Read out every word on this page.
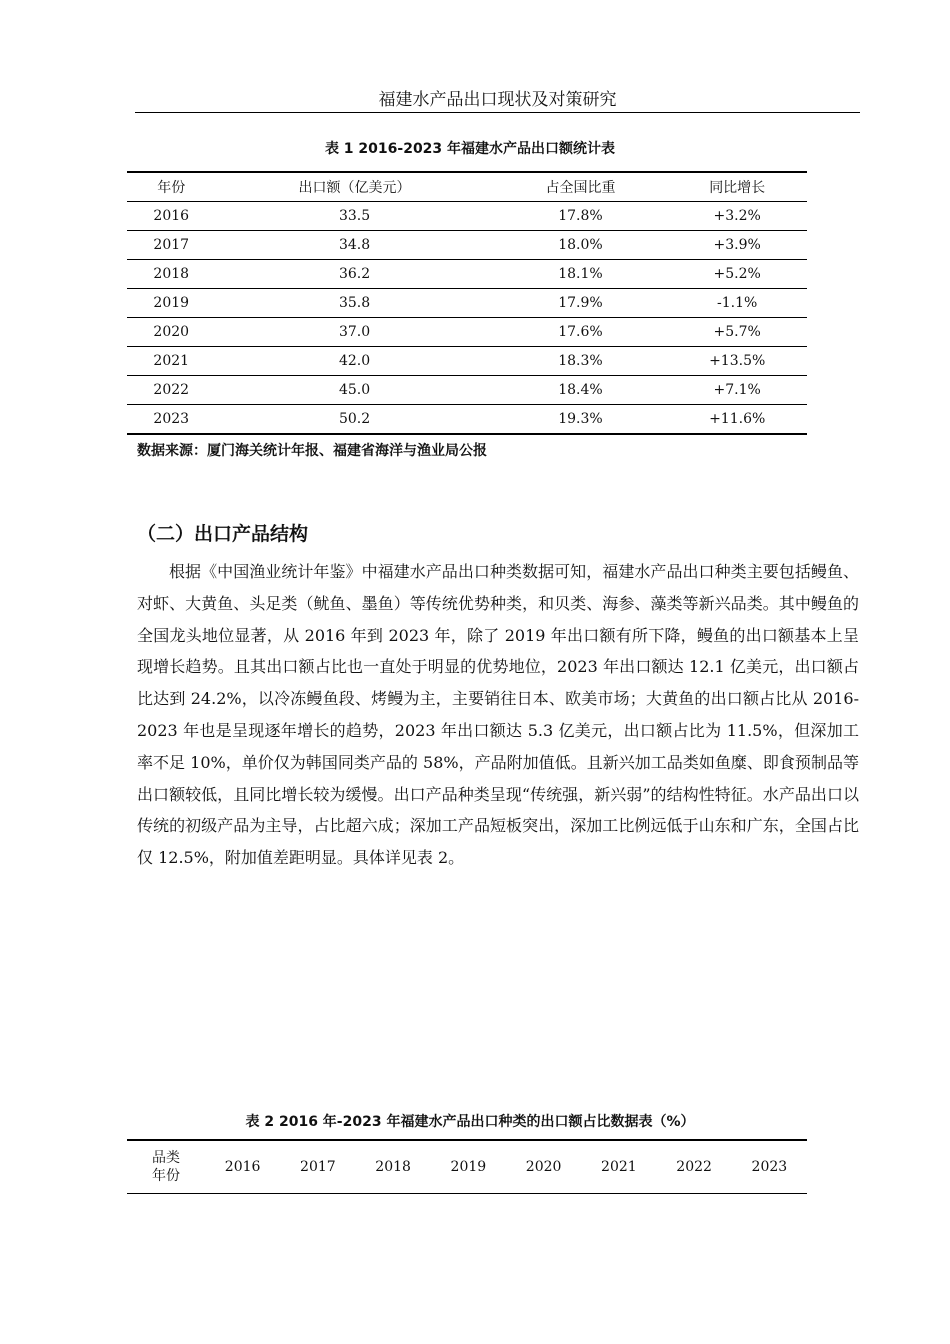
福建水产品出口现状及对策研究
表 1 2016-2023 年福建水产品出口额统计表
年份	出口额（亿美元）	占全国比重	同比增长
2016	33.5	17.8%	+3.2%
2017	34.8	18.0%	+3.9%
2018	36.2	18.1%	+5.2%
2019	35.8	17.9%	-1.1%
2020	37.0	17.6%	+5.7%
2021	42.0	18.3%	+13.5%
2022	45.0	18.4%	+7.1%
2023	50.2	19.3%	+11.6%
数据来源：厦门海关统计年报、福建省海洋与渔业局公报
（二）出口产品结构

根据《中国渔业统计年鉴》中福建水产品出口种类数据可知，福建水产品出口种类主要包括鳗鱼、对虾、大黄鱼、头足类（鱿鱼、墨鱼）等传统优势种类，和贝类、海参、藻类等新兴品类。其中鳗鱼的全国龙头地位显著，从 2016 年到 2023 年，除了 2019 年出口额有所下降，鳗鱼的出口额基本上呈现增长趋势。且其出口额占比也一直处于明显的优势地位，2023 年出口额达 12.1 亿美元，出口额占比达到 24.2%，以冷冻鳗鱼段、烤鳗为主，主要销往日本、欧美市场；大黄鱼的出口额占比从 2016-2023 年也是呈现逐年增长的趋势，2023 年出口额达 5.3 亿美元，出口额占比为 11.5%，但深加工率不足 10%，单价仅为韩国同类产品的 58%，产品附加值低。且新兴加工品类如鱼糜、即食预制品等出口额较低，且同比增长较为缓慢。出口产品种类呈现“传统强，新兴弱”的结构性特征。水产品出口以传统的初级产品为主导，占比超六成；深加工产品短板突出，深加工比例远低于山东和广东，全国占比仅 12.5%，附加值差距明显。具体详见表 2。

表 2 2016 年-2023 年福建水产品出口种类的出口额占比数据表（%）
品类
年份
	2016	2017	2018	2019	2020	2021	2022	2023
